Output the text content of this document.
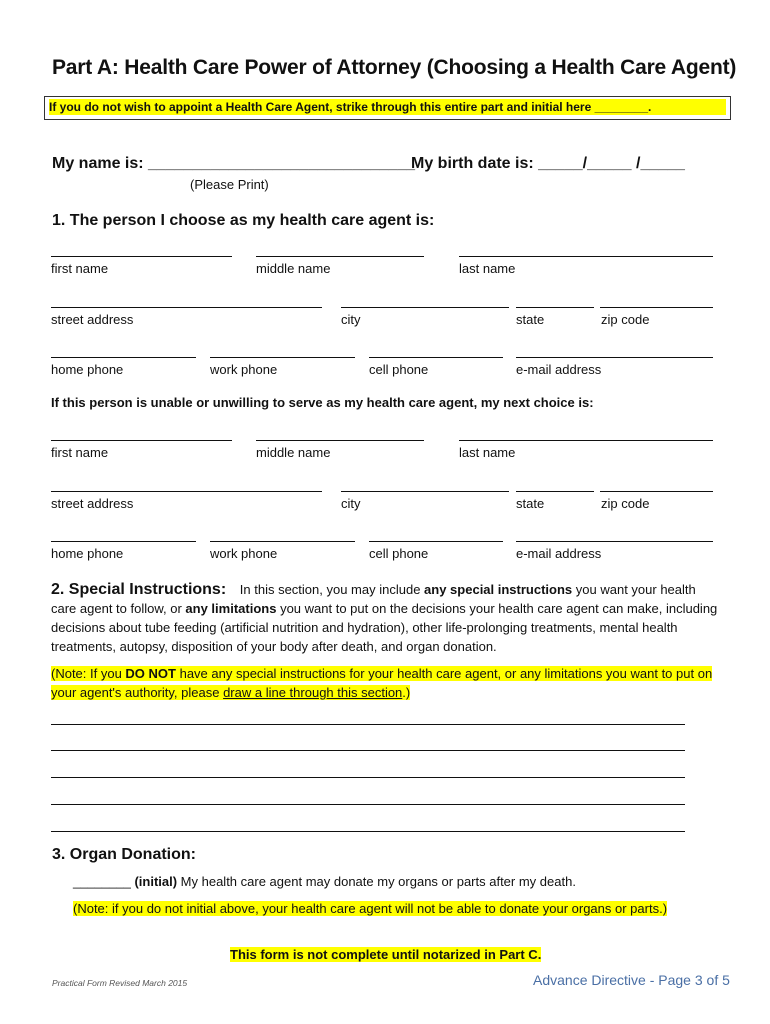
Part A: Health Care Power of Attorney (Choosing a Health Care Agent)
If you do not wish to appoint a Health Care Agent, strike through this entire part and initial here ________.
My name is: ______________________________
My birth date is: _____/_____ /_____
(Please Print)
1. The person I choose as my health care agent is:
first name	middle name	last name
street address	city	state	zip code
home phone	work phone	cell phone	e-mail address
If this person is unable or unwilling to serve as my health care agent, my next choice is:
first name	middle name	last name
street address	city	state	zip code
home phone	work phone	cell phone	e-mail address
2. Special Instructions: In this section, you may include any special instructions you want your health care agent to follow, or any limitations you want to put on the decisions your health care agent can make, including decisions about tube feeding (artificial nutrition and hydration), other life-prolonging treatments, mental health treatments, autopsy, disposition of your body after death, and organ donation.
(Note: If you DO NOT have any special instructions for your health care agent, or any limitations you want to put on your agent's authority, please draw a line through this section.)
3. Organ Donation:
________ (initial) My health care agent may donate my organs or parts after my death.
(Note: if you do not initial above, your health care agent will not be able to donate your organs or parts.)
This form is not complete until notarized in Part C.
Practical Form Revised March 2015	Advance Directive - Page 3 of 5
